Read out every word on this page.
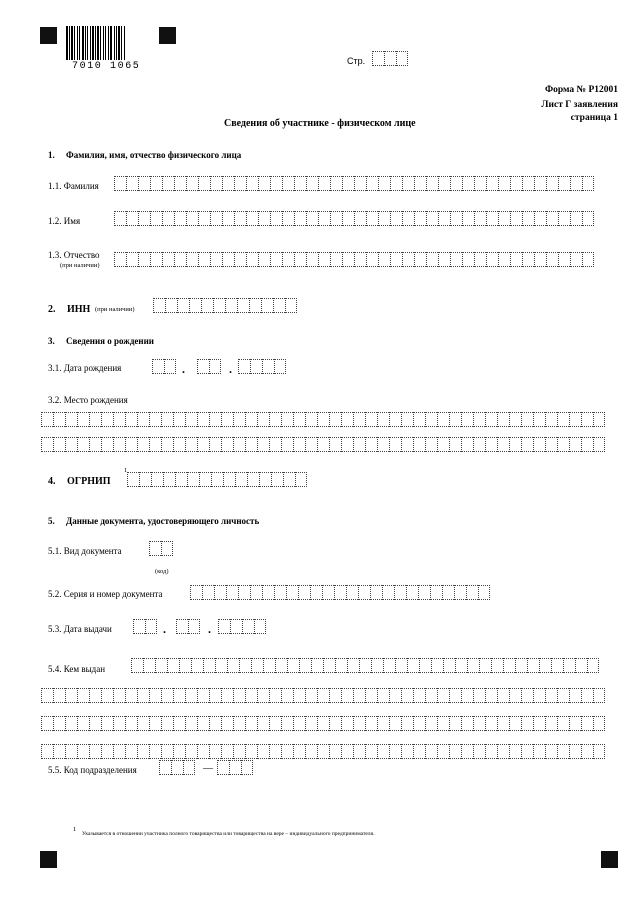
7010 1065	Стр.
Форма № Р12001
Лист Г заявления
страница 1
Сведения об участнике - физическом лице
1. Фамилия, имя, отчество физического лица
1.1. Фамилия
1.2. Имя
1.3. Отчество
(при наличии)
2. ИНН (при наличии)
3. Сведения о рождении
3.1. Дата рождения	.	.
3.2. Место рождения
4. ОГРНИП
1
5. Данные документа, удостоверяющего личность
5.1. Вид документа
(код)
5.2. Серия и номер документа
5.3. Дата выдачи	.	.
5.4. Кем выдан
5.5. Код подразделения	—
1
Указывается в отношении участника полного товарищества или товарищества на вере – индивидуального предпринимателя.
